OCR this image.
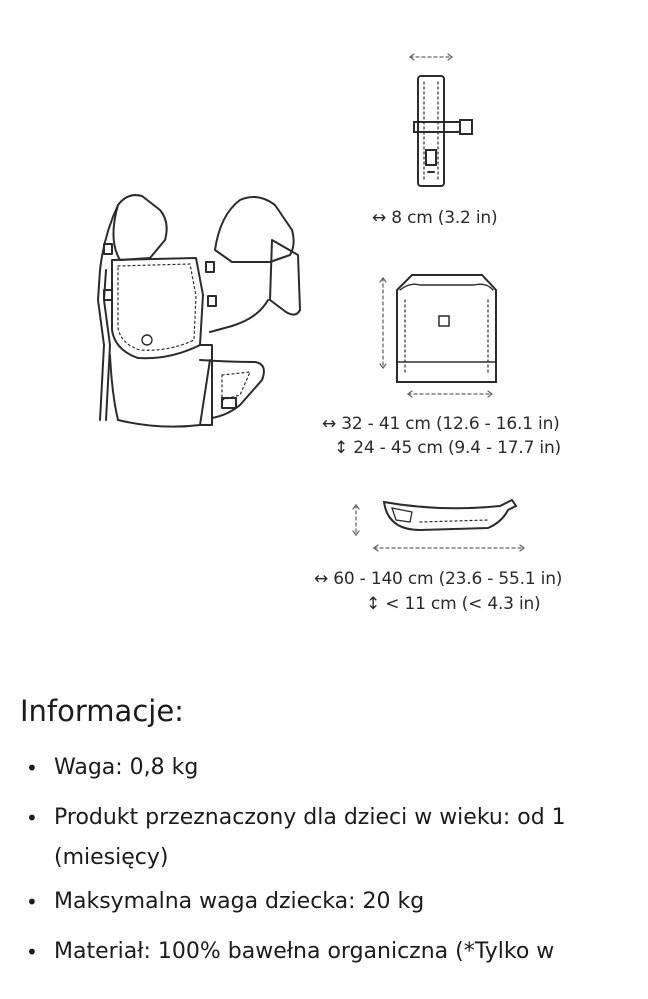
↔ 8 cm (3.2 in)
↔ 32 - 41 cm (12.6 - 16.1 in)
↕ 24 - 45 cm (9.4 - 17.7 in)
↔ 60 - 140 cm (23.6 - 55.1 in)
↕ < 11 cm (< 4.3 in)
Informacje:
• Waga: 0,8 kg
• Produkt przeznaczony dla dzieci w wieku: od 1 (miesięcy)
• Maksymalna waga dziecka: 20 kg
• Materiał: 100% bawełna organiczna (*Tylko w
